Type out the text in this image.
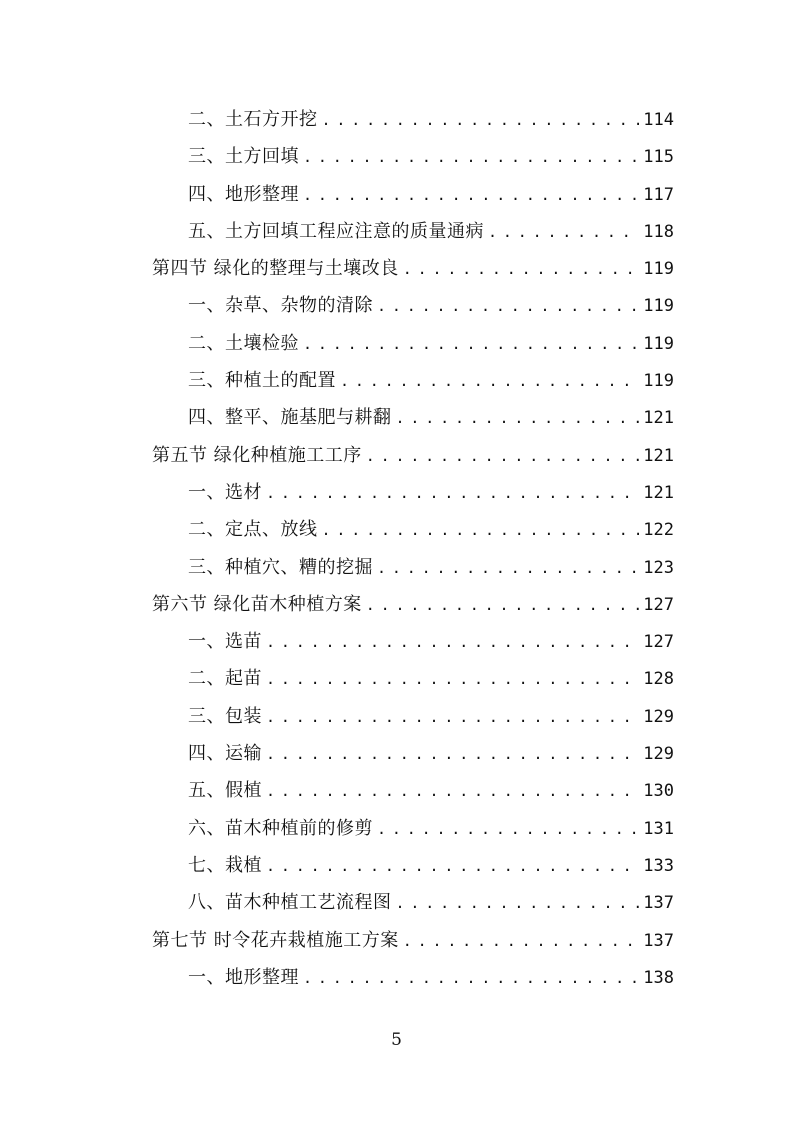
二、土石方开挖 . . .	114
三、土方回填 . . .	115
四、地形整理 . . .	117
五、土方回填工程应注意的质量通病 . . .	118
第四节 绿化的整理与土壤改良 . . .	119
一、杂草、杂物的清除 . . .	119
二、土壤检验 . . .	119
三、种植土的配置 . . .	119
四、整平、施基肥与耕翻 . . .	121
第五节 绿化种植施工工序 . . .	121
一、选材 . . .	121
二、定点、放线 . . .	122
三、种植穴、糟的挖掘 . . .	123
第六节 绿化苗木种植方案 . . .	127
一、选苗 . . .	127
二、起苗 . . .	128
三、包装 . . .	129
四、运输 . . .	129
五、假植 . . .	130
六、苗木种植前的修剪 . . .	131
七、栽植 . . .	133
八、苗木种植工艺流程图 . . .	137
第七节 时令花卉栽植施工方案 . . .	137
一、地形整理 . . .	138
5
